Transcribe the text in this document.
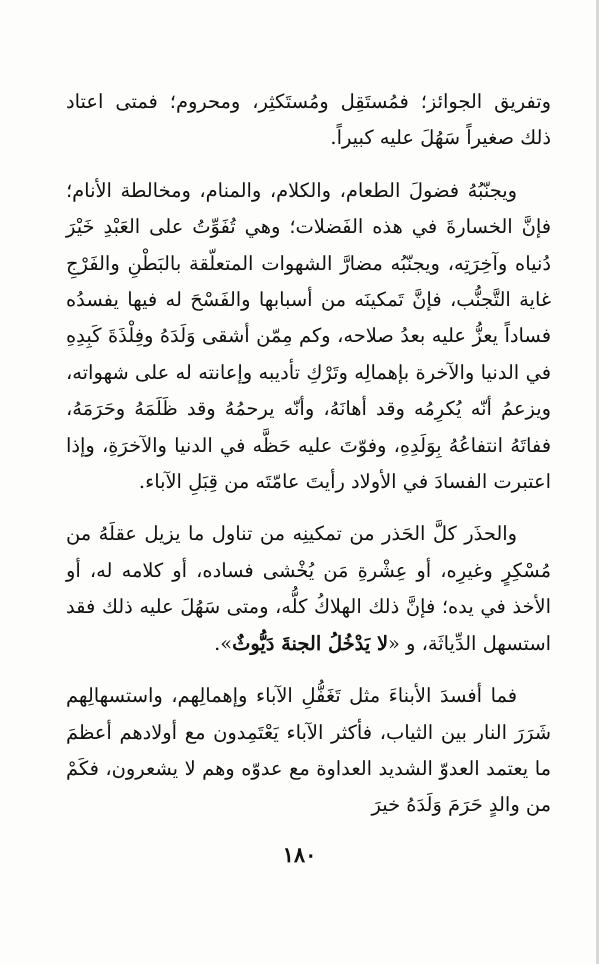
وتفريق الجوائز؛ فمُستَقِل ومُستَكثِر، ومحروم؛ فمتى اعتاد ذلك صغيراً سَهُلَ عليه كبيراً.

ويجنّبُهُ فضولَ الطعام، والكلام، والمنام، ومخالطة الأنام؛ فإنَّ الخسارةَ في هذه الفَضلات؛ وهي تُفَوِّتُ على العَبْدِ خَيْرَ دُنياه وآخِرَتِه، ويجنّبُه مضارَّ الشهوات المتعلّقة بالبَطْنِ والفَرْجِ غاية التَّجنُّب، فإنَّ تَمكينَه من أسبابها والفَسْحَ له فيها يفسدُه فساداً يعزُّ عليه بعدُ صلاحه، وكم مِمّن أشقى وَلَدَهُ وفِلْذَةَ كَبِدِهِ في الدنيا والآخرة بإهمالِه وتَرْكِ تأديبه وإعانته له على شهواته، ويزعمُ أنّه يُكرِمُه وقد أهانَهُ، وأنّه يرحمُهُ وقد ظَلَمَهُ وحَرَمَهُ، ففاتَهُ انتفاعُهُ بِوَلَدِهِ، وفوّتَ عليه حَظَّه في الدنيا والآخرَةِ، وإذا اعتبرت الفسادَ في الأولاد رأيتَ عامّتَه من قِبَلِ الآباء.

والحذَر كلَّ الحَذر من تمكينِه من تناول ما يزيل عقلَهُ من مُسْكِرٍ وغيرِه، أو عِشْرةِ مَن يُخْشى فساده، أو كلامه له، أو الأخذ في يده؛ فإنَّ ذلك الهلاكُ كلُّه، ومتى سَهُلَ عليه ذلك فقد استسهل الدِّياثَة، و «لا يَدْخُلُ الجنةَ دَيُّوثٌ».

فما أفسدَ الأبناءَ مثل تَغَفُّلِ الآباء وإهمالِهم، واستسهالِهم شَرَرَ النار بين الثياب، فأكثر الآباء يَعْتَمِدون مع أولادهم أعظمَ ما يعتمد العدوّ الشديد العداوة مع عدوّه وهم لا يشعرون، فكَمْ من والدٍ حَرَمَ وَلَدَهُ خيرَ

١٨٠
